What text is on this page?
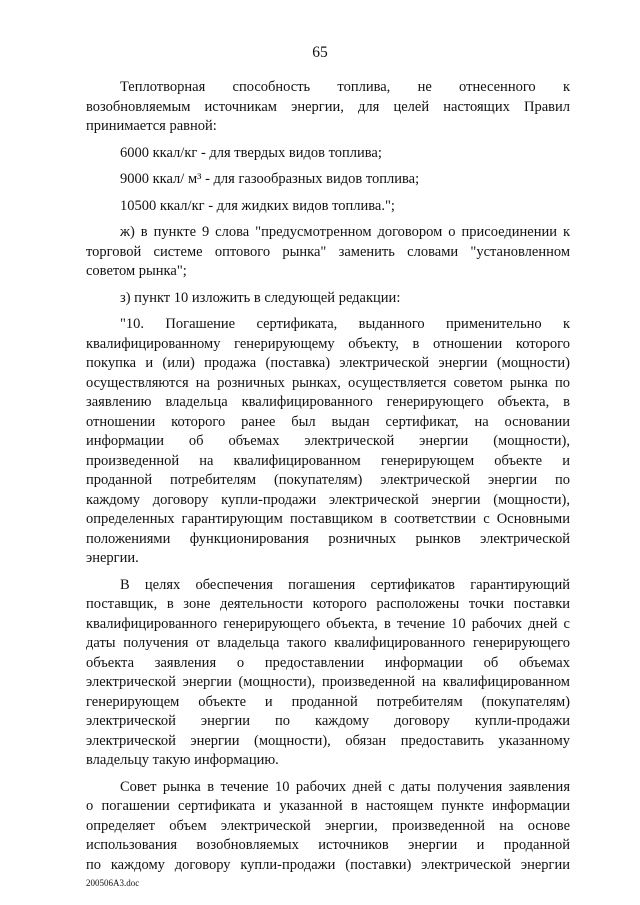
65
Теплотворная способность топлива, не отнесенного к
возобновляемым источникам энергии, для целей настоящих Правил
принимается равной:
6000 ккал/кг - для твердых видов топлива;
9000 ккал/ м³ - для газообразных видов топлива;
10500 ккал/кг - для жидких видов топлива.";
ж) в пункте 9 слова "предусмотренном договором о присоединении к
торговой системе оптового рынка" заменить словами "установленном
советом рынка";
з) пункт 10 изложить в следующей редакции:
"10. Погашение сертификата, выданного применительно к
квалифицированному генерирующему объекту, в отношении которого
покупка и (или) продажа (поставка) электрической энергии (мощности)
осуществляются на розничных рынках, осуществляется советом рынка по
заявлению владельца квалифицированного генерирующего объекта, в
отношении которого ранее был выдан сертификат, на основании
информации об объемах электрической энергии (мощности),
произведенной на квалифицированном генерирующем объекте и
проданной потребителям (покупателям) электрической энергии по
каждому договору купли-продажи электрической энергии (мощности),
определенных гарантирующим поставщиком в соответствии с Основными
положениями функционирования розничных рынков электрической
энергии.
В целях обеспечения погашения сертификатов гарантирующий
поставщик, в зоне деятельности которого расположены точки поставки
квалифицированного генерирующего объекта, в течение 10 рабочих дней с
даты получения от владельца такого квалифицированного генерирующего
объекта заявления о предоставлении информации об объемах
электрической энергии (мощности), произведенной на квалифицированном
генерирующем объекте и проданной потребителям (покупателям)
электрической энергии по каждому договору купли-продажи
электрической энергии (мощности), обязан предоставить указанному
владельцу такую информацию.
Совет рынка в течение 10 рабочих дней с даты получения заявления
о погашении сертификата и указанной в настоящем пункте информации
определяет объем электрической энергии, произведенной на основе
использования возобновляемых источников энергии и проданной
по каждому договору купли-продажи (поставки) электрической энергии
200506A3.doc
